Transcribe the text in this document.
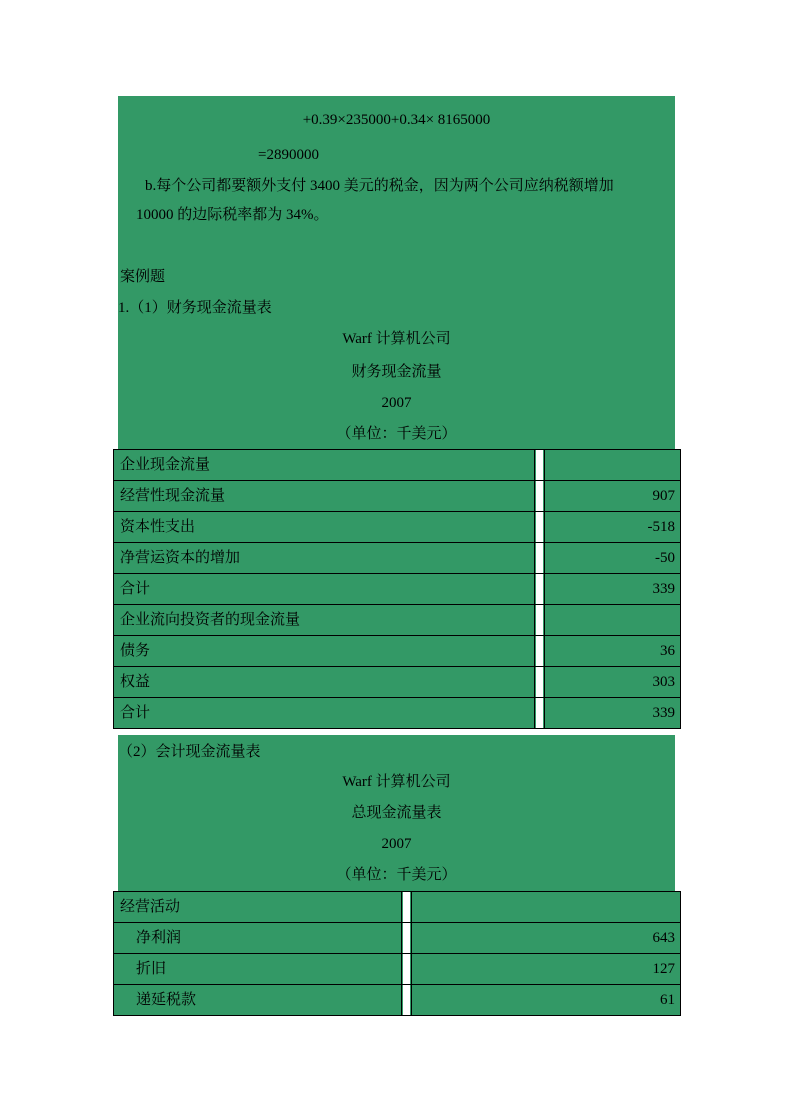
+0.39×235000+0.34× 8165000
=2890000
b.每个公司都要额外支付 3400 美元的税金，因为两个公司应纳税额增加
10000 的边际税率都为 34%。
案例题
1.（1）财务现金流量表
Warf 计算机公司
财务现金流量
2007
（单位：千美元）
企业现金流量		
经营性现金流量		907
资本性支出		-518
净营运资本的增加		-50
合计		339
企业流向投资者的现金流量		
债务		36
权益		303
合计		339
（2）会计现金流量表
Warf 计算机公司
总现金流量表
2007
（单位：千美元）
经营活动		
净利润		643
折旧		127
递延税款		61
